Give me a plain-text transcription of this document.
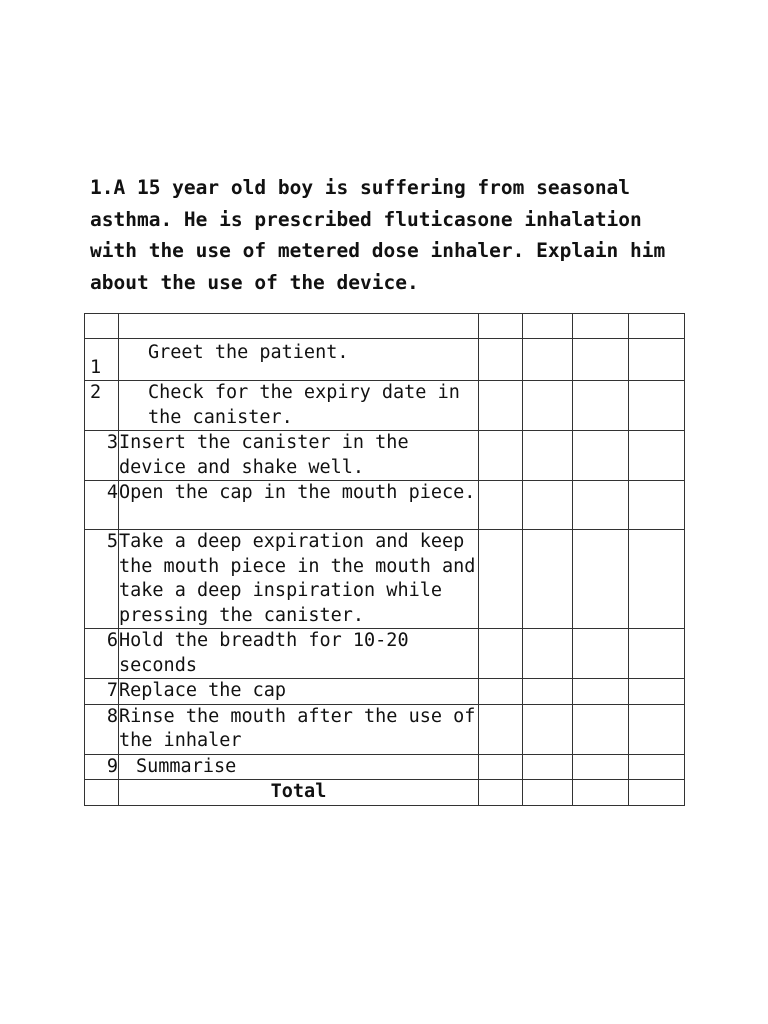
1.A 15 year old boy is suffering from seasonal asthma. He is prescribed fluticasone inhalation with the use of metered dose inhaler. Explain him about the use of the device.

1	Greet the patient.				
2	Check for the expiry date in the canister.				
3	Insert the canister in the device and shake well.				
4	Open the cap in the mouth piece.				
5	Take a deep expiration and keep the mouth piece in the mouth and take a deep inspiration while pressing the canister.				
6	Hold the breadth for 10-20 seconds				
7	Replace the cap				
8	Rinse the mouth after the use of the inhaler				
9	Summarise				
	Total				
